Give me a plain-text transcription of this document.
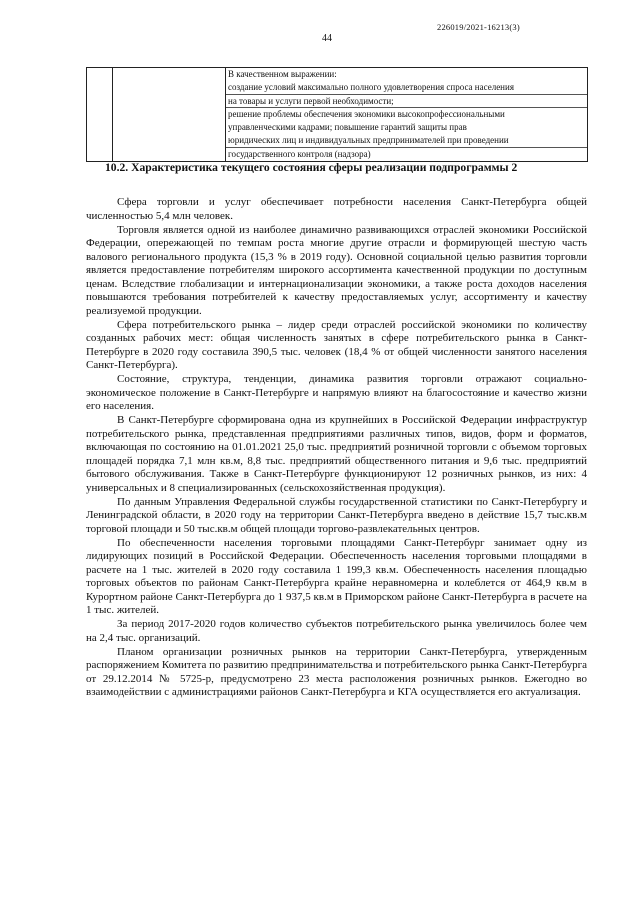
226019/2021-16213(3)
44

В качественном выражении:
создание условий максимально полного удовлетворения спроса населения
на товары и услуги первой необходимости;
решение проблемы обеспечения экономики высокопрофессиональными
управленческими кадрами; повышение гарантий защиты прав
юридических лиц и индивидуальных предпринимателей при проведении
государственного контроля (надзора)
10.2. Характеристика текущего состояния сферы реализации подпрограммы 2

Сфера торговли и услуг обеспечивает потребности населения Санкт-Петербурга общей численностью 5,4 млн человек.

Торговля является одной из наиболее динамично развивающихся отраслей экономики Российской Федерации, опережающей по темпам роста многие другие отрасли и формирующей шестую часть валового регионального продукта (15,3 % в 2019 году). Основной социальной целью развития торговли является предоставление потребителям широкого ассортимента качественной продукции по доступным ценам. Вследствие глобализации и интернационализации экономики, а также роста доходов населения повышаются требования потребителей к качеству предоставляемых услуг, ассортименту и качеству реализуемой продукции.

Сфера потребительского рынка – лидер среди отраслей российской экономики по количеству созданных рабочих мест: общая численность занятых в сфере потребительского рынка в Санкт-Петербурге в 2020 году составила 390,5 тыс. человек (18,4 % от общей численности занятого населения Санкт-Петербурга).

Состояние, структура, тенденции, динамика развития торговли отражают социально-экономическое положение в Санкт-Петербурге и напрямую влияют на благосостояние и качество жизни его населения.

В Санкт-Петербурге сформирована одна из крупнейших в Российской Федерации инфраструктур потребительского рынка, представленная предприятиями различных типов, видов, форм и форматов, включающая по состоянию на 01.01.2021 25,0 тыс. предприятий розничной торговли с объемом торговых площадей порядка 7,1 млн кв.м, 8,8 тыс. предприятий общественного питания и 9,6 тыс. предприятий бытового обслуживания. Также в Санкт-Петербурге функционируют 12 розничных рынков, из них: 4 универсальных и 8 специализированных (сельскохозяйственная продукция).

По данным Управления Федеральной службы государственной статистики по Санкт-Петербургу и Ленинградской области, в 2020 году на территории Санкт-Петербурга введено в действие 15,7 тыс.кв.м торговой площади и 50 тыс.кв.м общей площади торгово-развлекательных центров.

По обеспеченности населения торговыми площадями Санкт-Петербург занимает одну из лидирующих позиций в Российской Федерации. Обеспеченность населения торговыми площадями в расчете на 1 тыс. жителей в 2020 году составила 1 199,3 кв.м. Обеспеченность населения площадью торговых объектов по районам Санкт-Петербурга крайне неравномерна и колеблется от 464,9 кв.м в Курортном районе Санкт-Петербурга до 1 937,5 кв.м в Приморском районе Санкт-Петербурга в расчете на 1 тыс. жителей.

За период 2017-2020 годов количество субъектов потребительского рынка увеличилось более чем на 2,4 тыс. организаций.

Планом организации розничных рынков на территории Санкт-Петербурга, утвержденным распоряжением Комитета по развитию предпринимательства и потребительского рынка Санкт-Петербурга от 29.12.2014 № 5725-р, предусмотрено 23 места расположения розничных рынков. Ежегодно во взаимодействии с администрациями районов Санкт-Петербурга и КГА осуществляется его актуализация.
